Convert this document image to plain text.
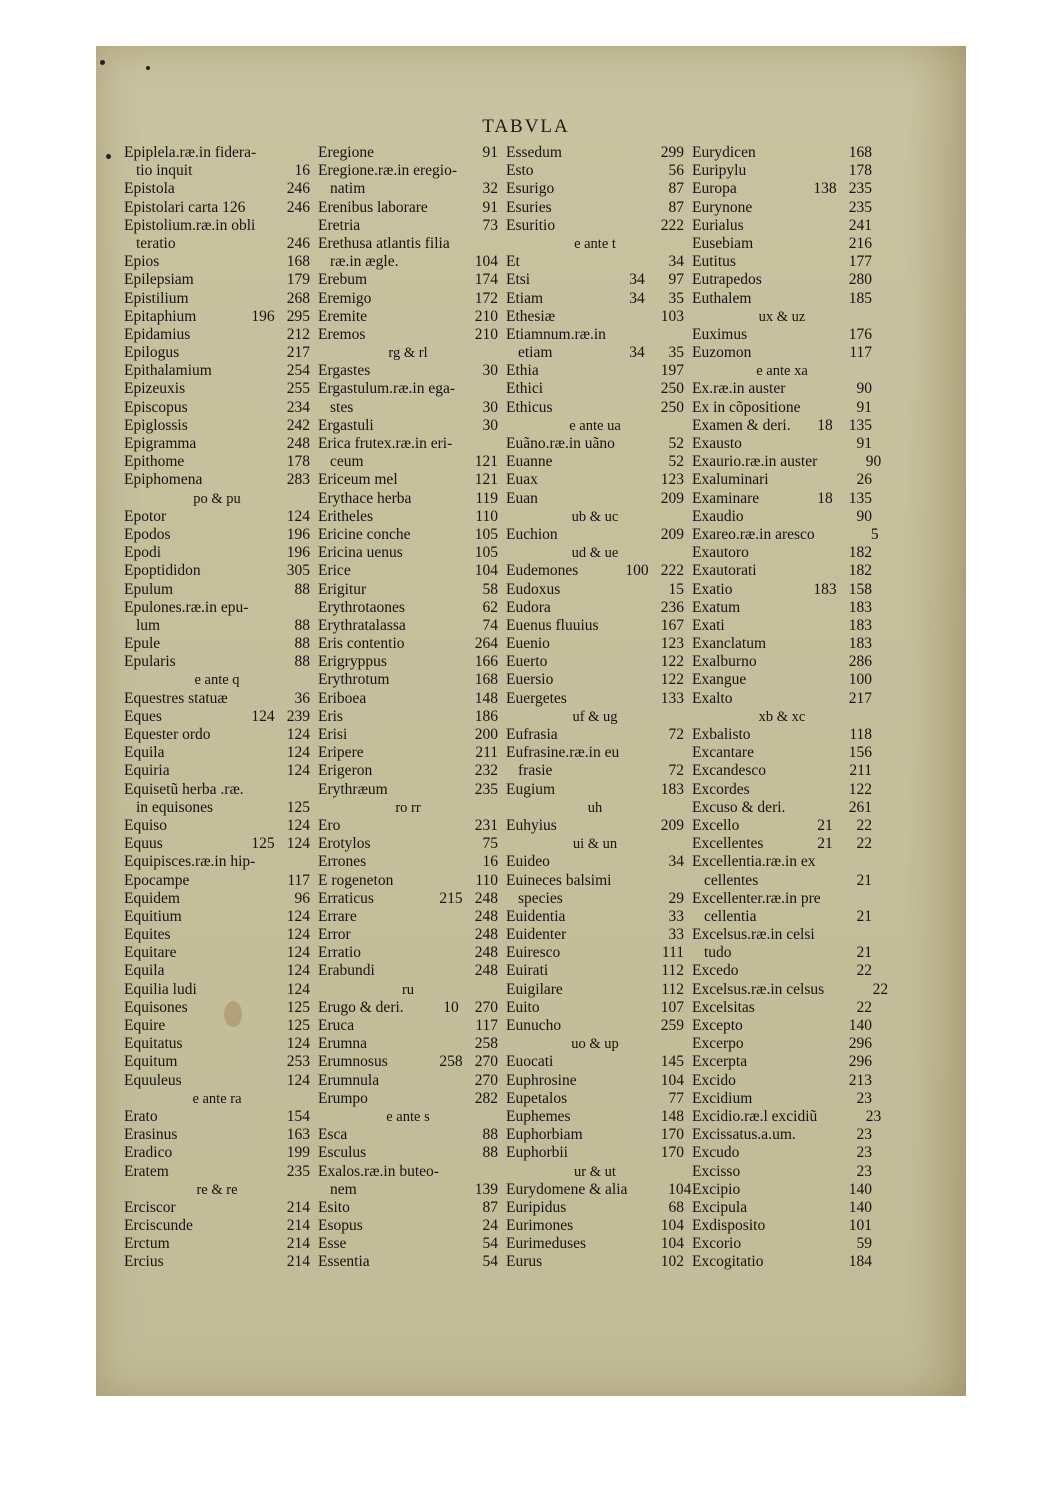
TABVLA
Epiplela.ræ.in fidera-
tio inquit	16
Epistola	246
Epistolari carta 126	246
Epistolium.ræ.in obli
teratio	246
Epios	168
Epilepsiam	179
Epistilium	268
Epitaphium	196 295
Epidamius	212
Epilogus	217
Epithalamium	254
Epizeuxis	255
Episcopus	234
Epiglossis	242
Epigramma	248
Epithome	178
Epiphomena	283
po & pu
Epotor	124
Epodos	196
Epodi	196
Epoptididon	305
Epulum	88
Epulones.ræ.in epu-
lum	88
Epule	88
Epularis	88
e ante q
Equestres statuæ	36
Eques	124 239
Equester ordo	124
Equila	124
Equiria	124
Equisetũ herba .ræ.
in equisones	125
Equiso	124
Equus	125 124
Equipisces.ræ.in hip-
Epocampe	117
Equidem	96
Equitium	124
Equites	124
Equitare	124
Equila	124
Equilia ludi	124
Equisones	125
Equire	125
Equitatus	124
Equitum	253
Equuleus	124
e ante ra
Erato	154
Erasinus	163
Eradico	199
Eratem	235
re & re
Erciscor	214
Erciscunde	214
Erctum	214
Ercius	214
Eregione	91
Eregione.ræ.in eregio-
natim	32
Erenibus laborare	91
Eretria	73
Erethusa atlantis filia
ræ.in ægle.	104
Erebum	174
Eremigo	172
Eremite	210
Eremos	210
rg & rl
Ergastes	30
Ergastulum.ræ.in ega-
stes	30
Ergastuli	30
Erica frutex.ræ.in eri-
ceum	121
Ericeum mel	121
Erythace herba	119
Eritheles	110
Ericine conche	105
Ericina uenus	105
Erice	104
Erigitur	58
Erythrotaones	62
Erythratalassa	74
Eris contentio	264
Erigryppus	166
Erythrotum	168
Eriboea	148
Eris	186
Erisi	200
Eripere	211
Erigeron	232
Erythræum	235
ro rr
Ero	231
Erotylos	75
Errones	16
E rogeneton	110
Erraticus	215 248
Errare	248
Error	248
Erratio	248
Erabundi	248
ru
Erugo & deri.	10	270
Eruca	117
Erumna	258
Erumnosus	258 270
Erumnula	270
Erumpo	282
e ante s
Esca	88
Esculus	88
Exalos.ræ.in buteo-
nem	139
Esito	87
Esopus	24
Esse	54
Essentia	54
Essedum	299
Esto	56
Esurigo	87
Esuries	87
Esuritio	222
e ante t
Et	34
Etsi	34	97
Etiam	34	35
Ethesiæ	103
Etiamnum.ræ.in
etiam	34	35
Ethia	197
Ethici	250
Ethicus	250
e ante ua
Euãno.ræ.in uãno	52
Euanne	52
Euax	123
Euan	209
ub & uc
Euchion	209
ud & ue
Eudemones	100 222
Eudoxus	15
Eudora	236
Euenus fluuius	167
Euenio	123
Euerto	122
Euersio	122
Euergetes	133
uf & ug
Eufrasia	72
Eufrasine.ræ.in eu
frasie	72
Eugium	183
uh
Euhyius	209
ui & un
Euideo	34
Euineces balsimi
species	29
Euidentia	33
Euidenter	33
Euiresco	111
Euirati	112
Euigilare	112
Euito	107
Eunucho	259
uo & up
Euocati	145
Euphrosine	104
Eupetalos	77
Euphemes	148
Euphorbiam	170
Euphorbii	170
ur & ut
Eurydomene & alia	104
Euripidus	68
Eurimones	104
Eurimeduses	104
Eurus	102
Eurydicen	168
Euripylu	178
Europa	138 235
Eurynone	235
Eurialus	241
Eusebiam	216
Eutitus	177
Eutrapedos	280
Euthalem	185
ux & uz
Euximus	176
Euzomon	117
e ante xa
Ex.ræ.in auster	90
Ex in cõpositione	91
Examen & deri.	18	135
Exausto	91
Exaurio.ræ.in auster	90
Exaluminari	26
Examinare	18	135
Exaudio	90
Exareo.ræ.in aresco	5
Exautoro	182
Exautorati	182
Exatio	183 158
Exatum	183
Exati	183
Exanclatum	183
Exalburno	286
Exangue	100
Exalto	217
xb & xc
Exbalisto	118
Excantare	156
Excandesco	211
Excordes	122
Excuso & deri.	261
Excello	21	22
Excellentes	21	22
Excellentia.ræ.in ex
cellentes	21
Excellenter.ræ.in pre
cellentia	21
Excelsus.ræ.in celsi
tudo	21
Excedo	22
Excelsus.ræ.in celsus	22
Excelsitas	22
Excepto	140
Excerpo	296
Excerpta	296
Excido	213
Excidium	23
Excidio.ræ.l excidiũ	23
Excissatus.a.um.	23
Excudo	23
Excisso	23
Excipio	140
Excipula	140
Exdisposito	101
Excorio	59
Excogitatio	184
